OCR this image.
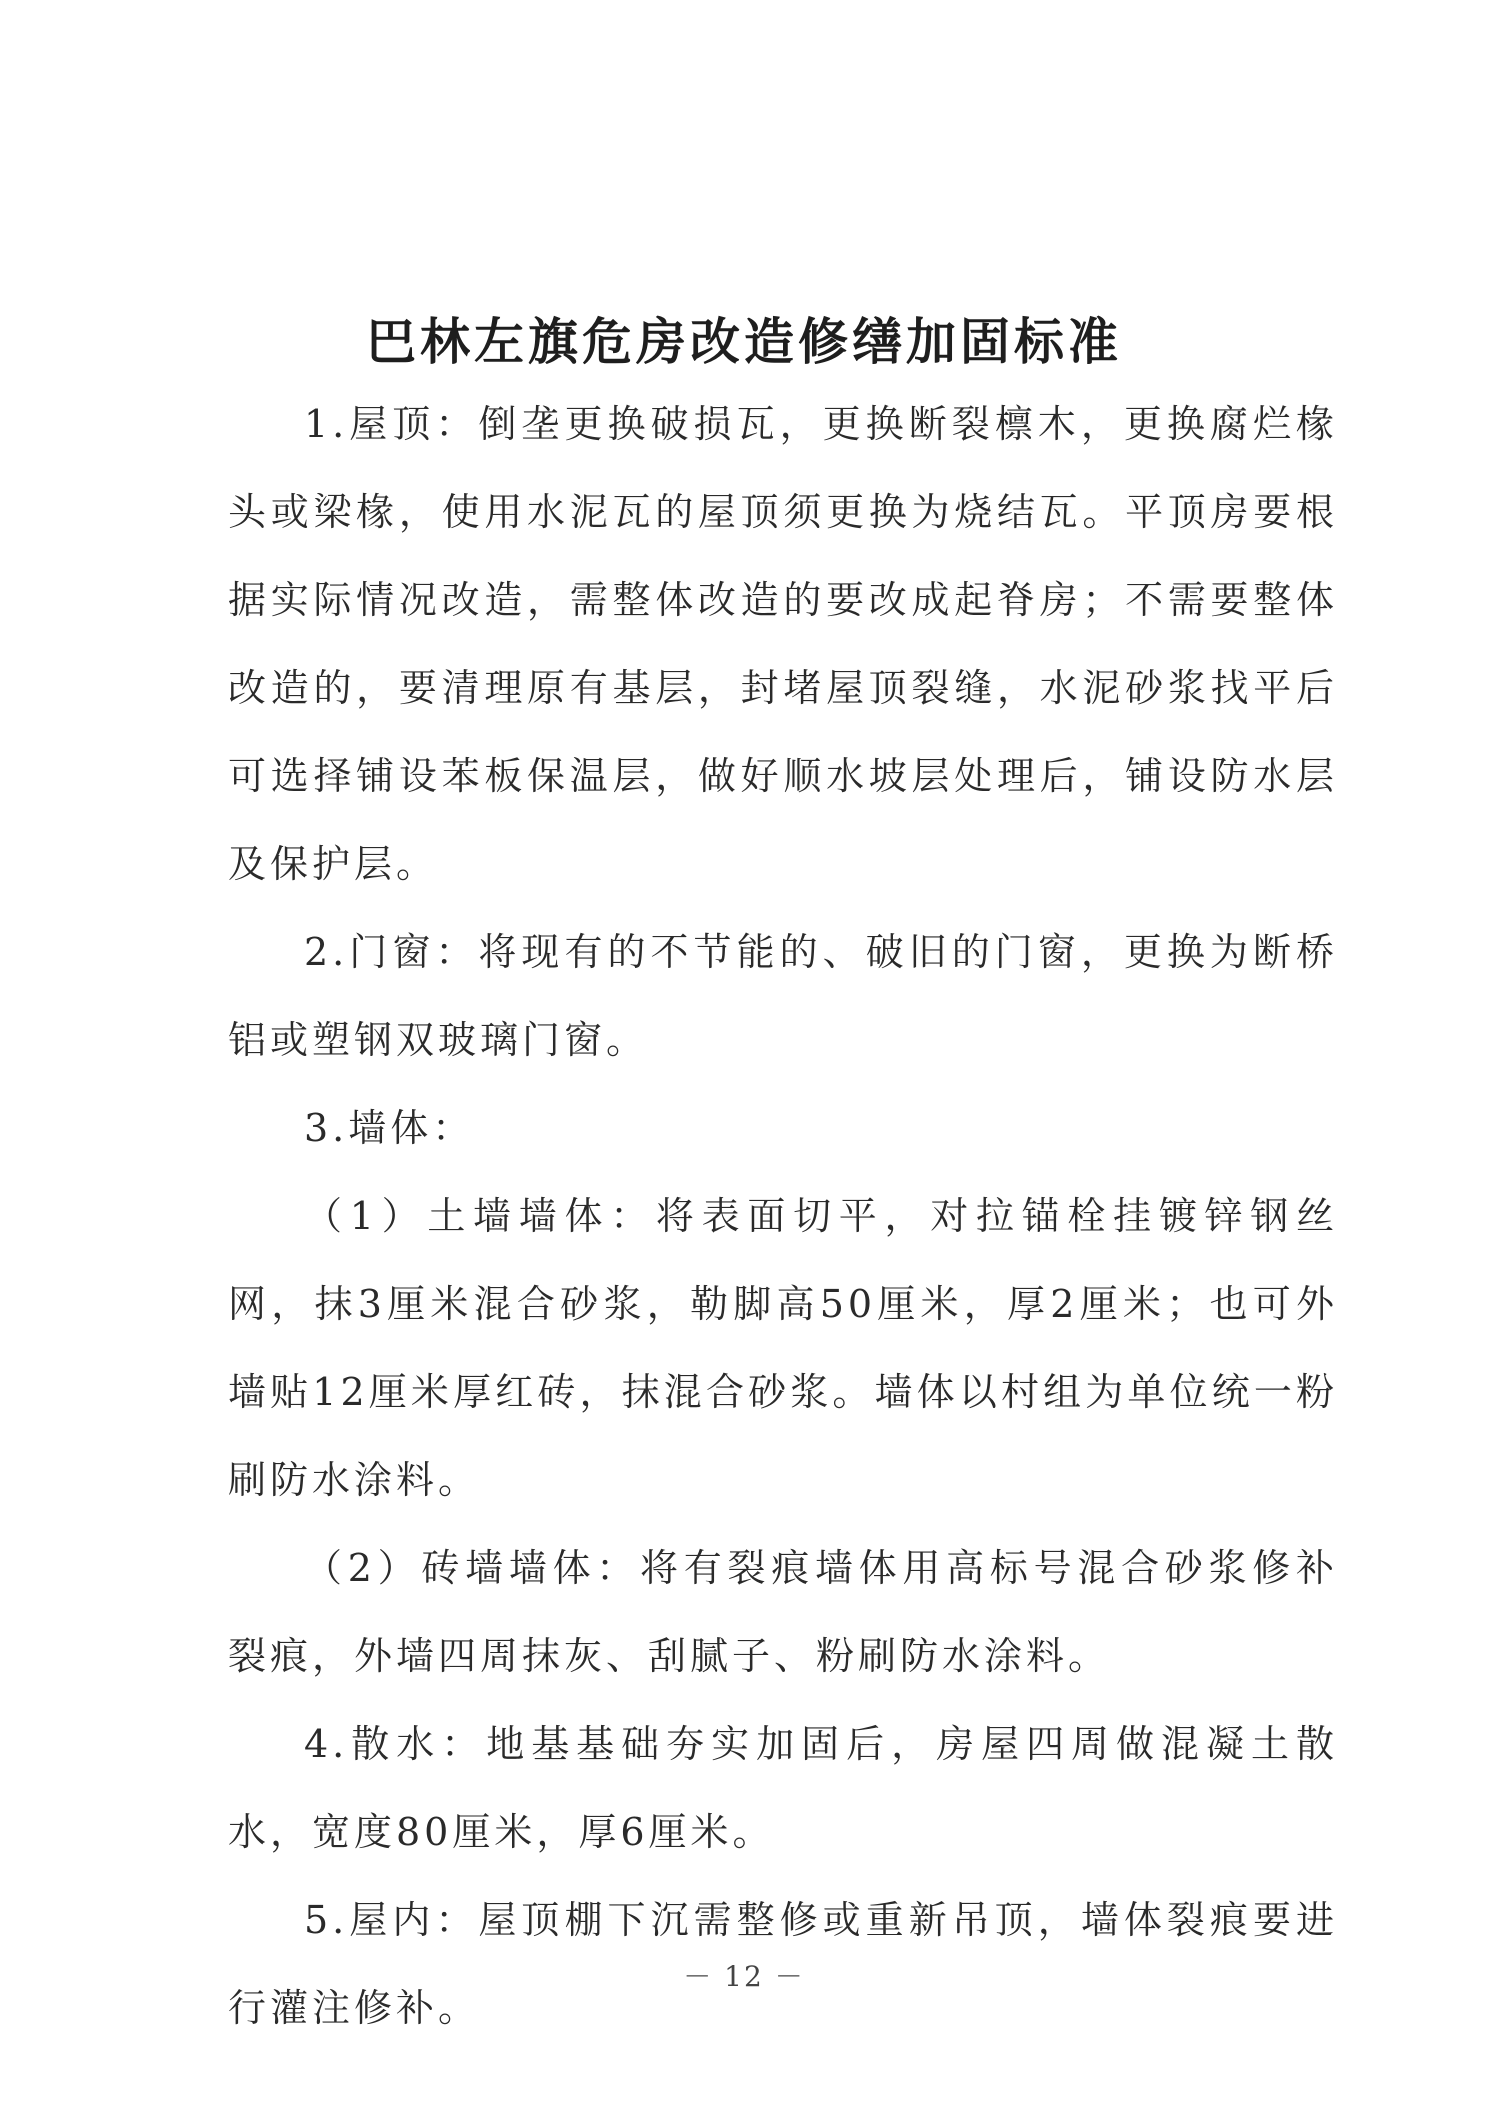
巴林左旗危房改造修缮加固标准

1.屋顶：倒垄更换破损瓦，更换断裂檩木，更换腐烂椽头或梁椽，使用水泥瓦的屋顶须更换为烧结瓦。平顶房要根据实际情况改造，需整体改造的要改成起脊房；不需要整体改造的，要清理原有基层，封堵屋顶裂缝，水泥砂浆找平后可选择铺设苯板保温层，做好顺水坡层处理后，铺设防水层及保护层。

2.门窗：将现有的不节能的、破旧的门窗，更换为断桥铝或塑钢双玻璃门窗。

3.墙体：

（1）土墙墙体：将表面切平，对拉锚栓挂镀锌钢丝网，抹3厘米混合砂浆，勒脚高50厘米，厚2厘米；也可外墙贴12厘米厚红砖，抹混合砂浆。墙体以村组为单位统一粉刷防水涂料。

（2）砖墙墙体：将有裂痕墙体用高标号混合砂浆修补裂痕，外墙四周抹灰、刮腻子、粉刷防水涂料。

4.散水：地基基础夯实加固后，房屋四周做混凝土散水，宽度80厘米，厚6厘米。

5.屋内：屋顶棚下沉需整修或重新吊顶，墙体裂痕要进行灌注修补。

－ 12 －
